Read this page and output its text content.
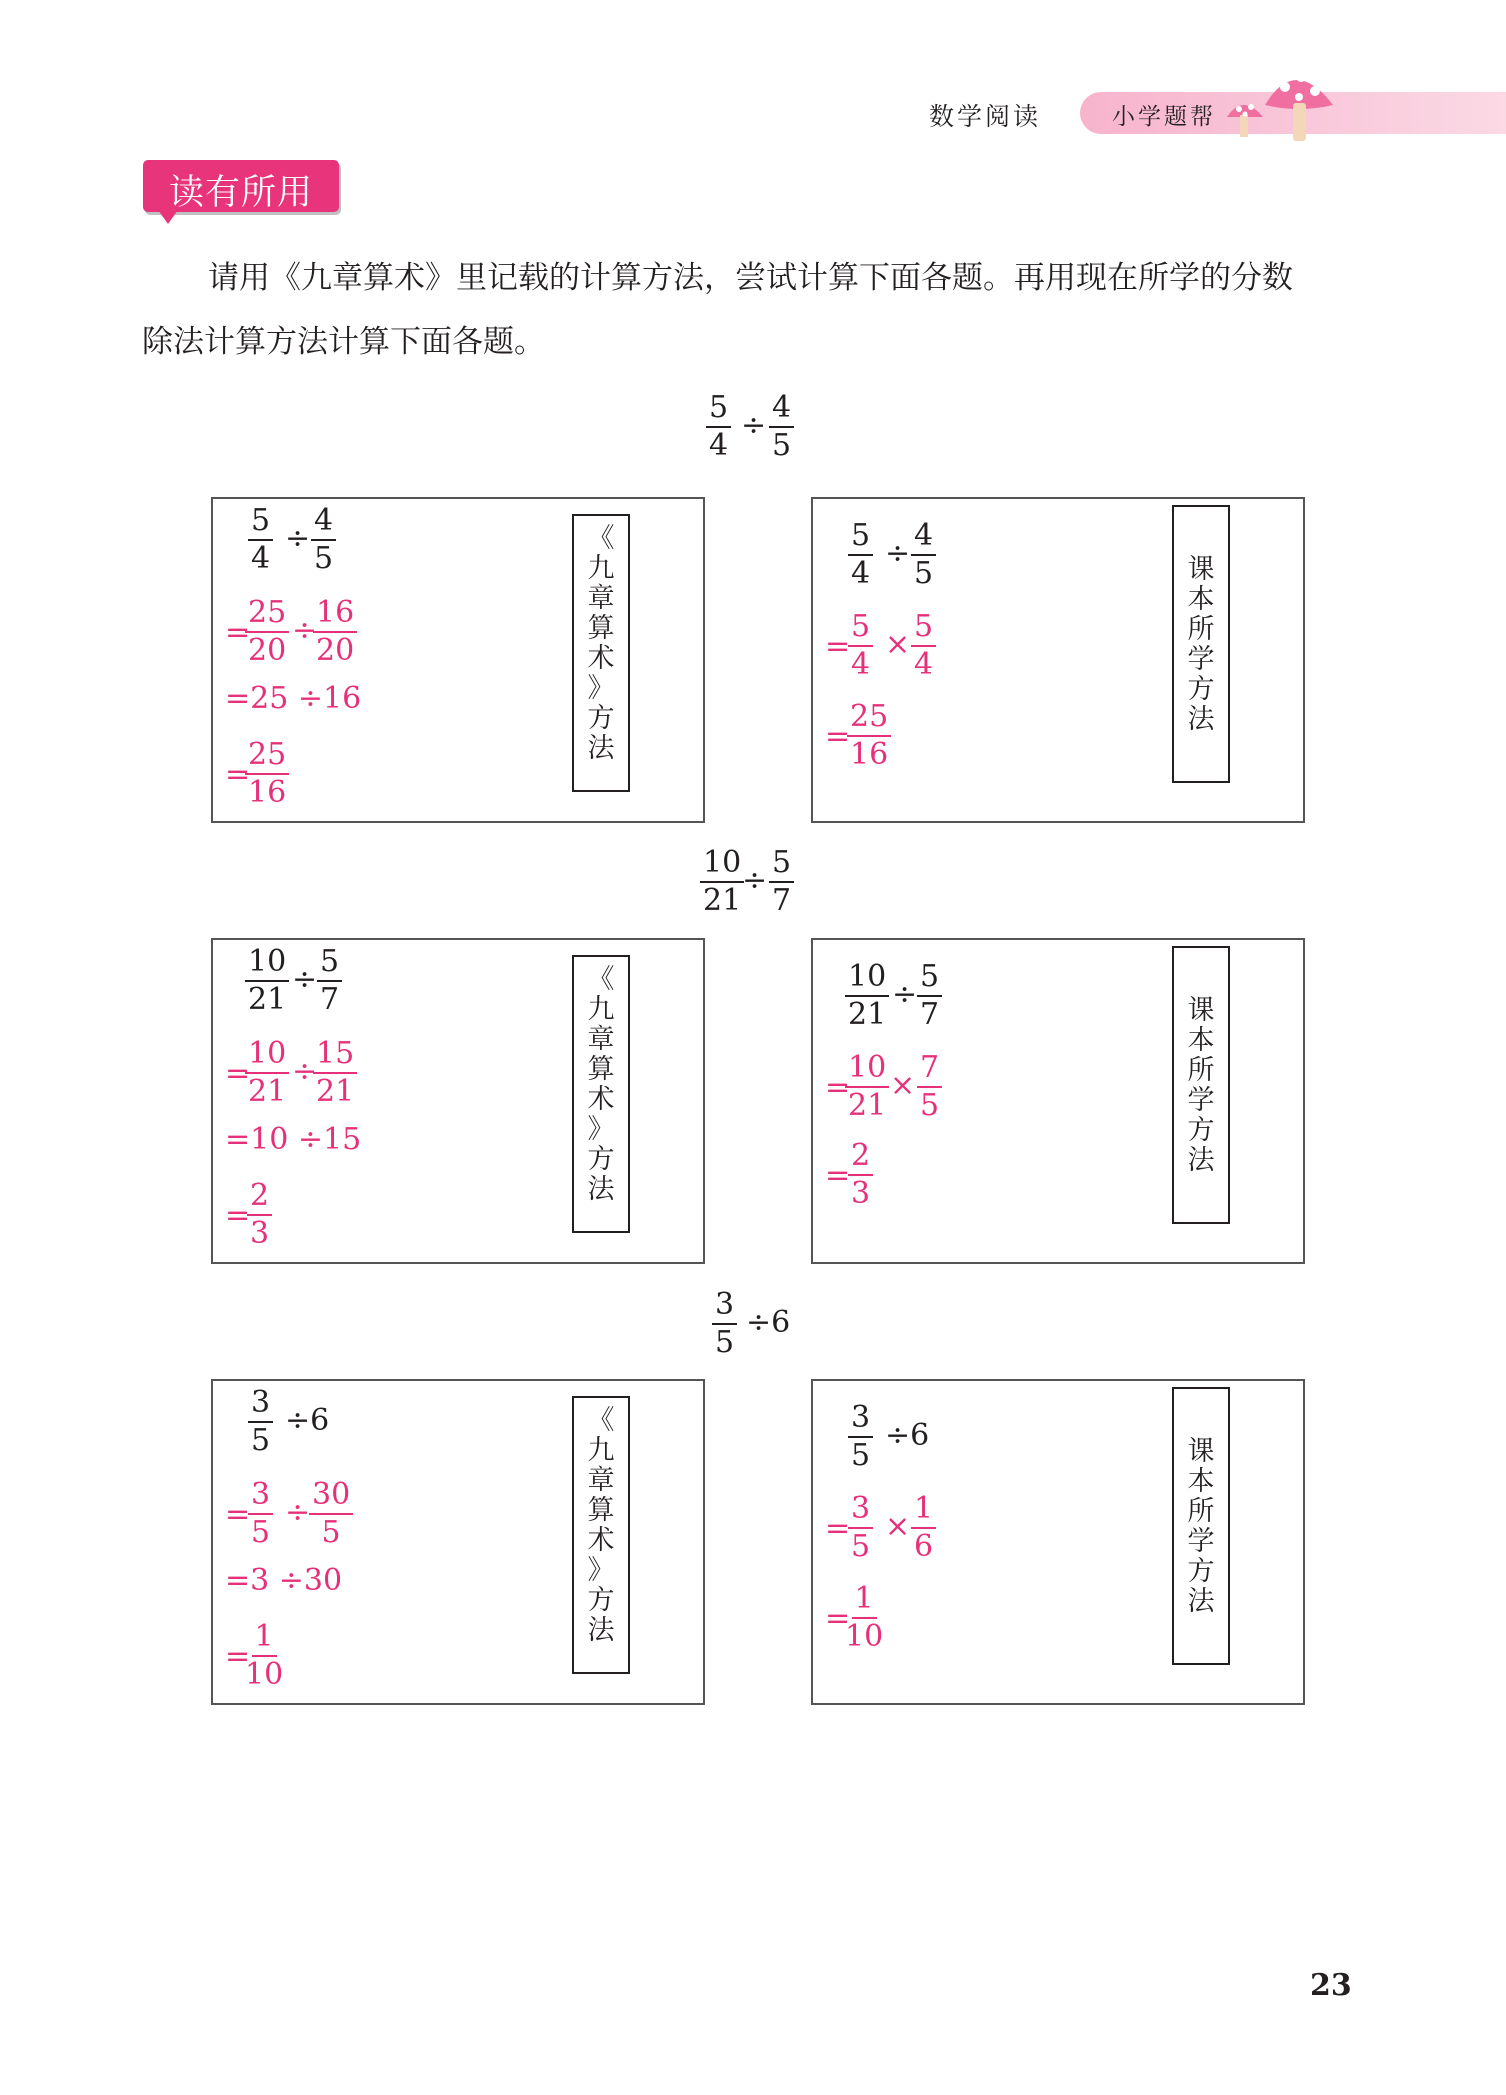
数学阅读	小学题帮
读有所用
请用《九章算术》里记载的计算方法，尝试计算下面各题。再用现在所学的分数
除法计算方法计算下面各题。
5
4
÷
4
5
5
4
÷
4
5
=
25
20
÷
16
20
=25 ÷16
=
25
16
《
九
章
算
术
》
方
法
5
4
÷
4
5
=
5
4
×
5
4
=
25
16
课
本
所
学
方
法
10
21
÷
5
7
10
21
÷
5
7
=
10
21
÷
15
21
=10 ÷15
=
2
3
《
九
章
算
术
》
方
法
10
21
÷
5
7
=
10
21
×
7
5
=
2
3
课
本
所
学
方
法
3
5
÷6
3
5
÷6
=
3
5
÷
30
5
=3 ÷30
=
1
10
《
九
章
算
术
》
方
法
3
5
÷6
=
3
5
×
1
6
=
1
10
课
本
所
学
方
法
23
